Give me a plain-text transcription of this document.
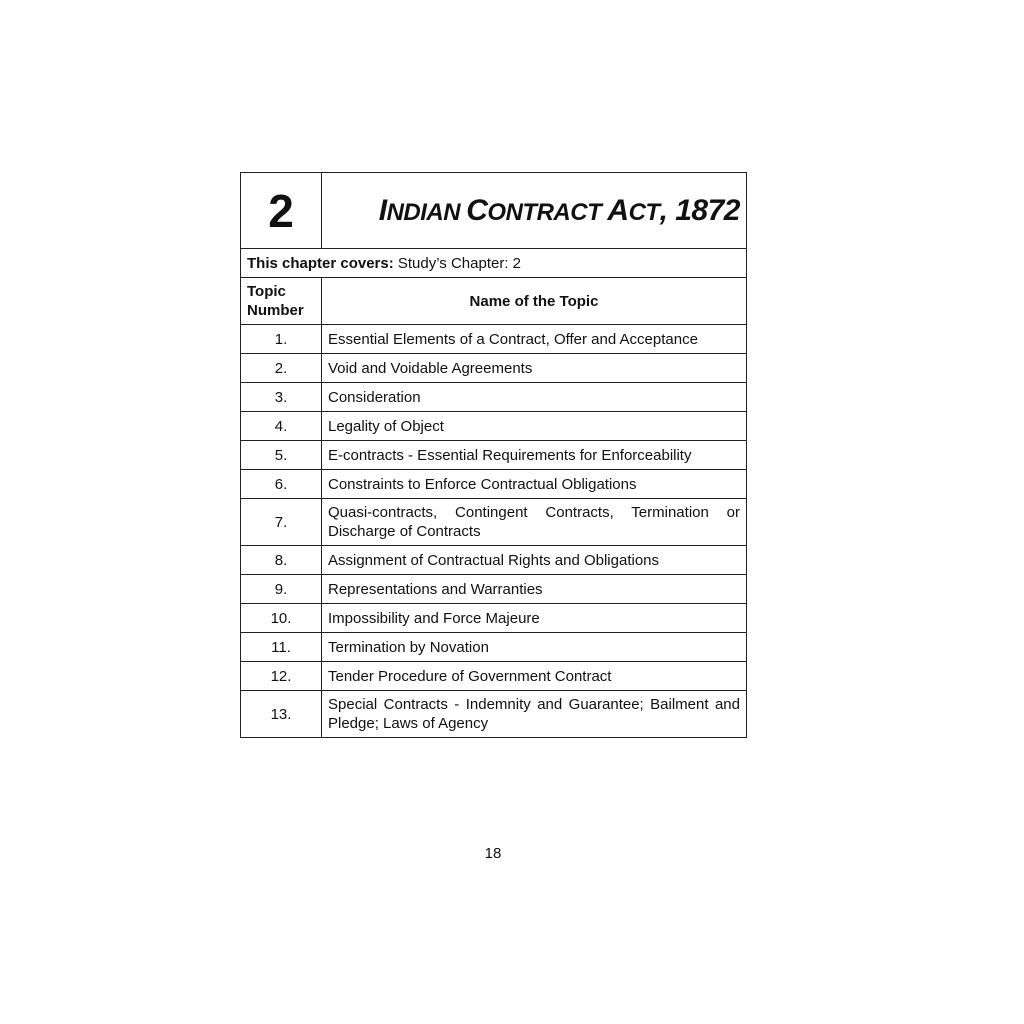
2	INDIAN CONTRACT ACT, 1872
This chapter covers: Study’s Chapter: 2	
Topic
Number	Name of the Topic
1.	Essential Elements of a Contract, Offer and Acceptance
2.	Void and Voidable Agreements
3.	Consideration
4.	Legality of Object
5.	E-contracts - Essential Requirements for Enforceability
6.	Constraints to Enforce Contractual Obligations
7.	Quasi-contracts, Contingent Contracts, Termination or Discharge of Contracts
8.	Assignment of Contractual Rights and Obligations
9.	Representations and Warranties
10.	Impossibility and Force Majeure
11.	Termination by Novation
12.	Tender Procedure of Government Contract
13.	Special Contracts - Indemnity and Guarantee; Bailment and Pledge; Laws of Agency
18
